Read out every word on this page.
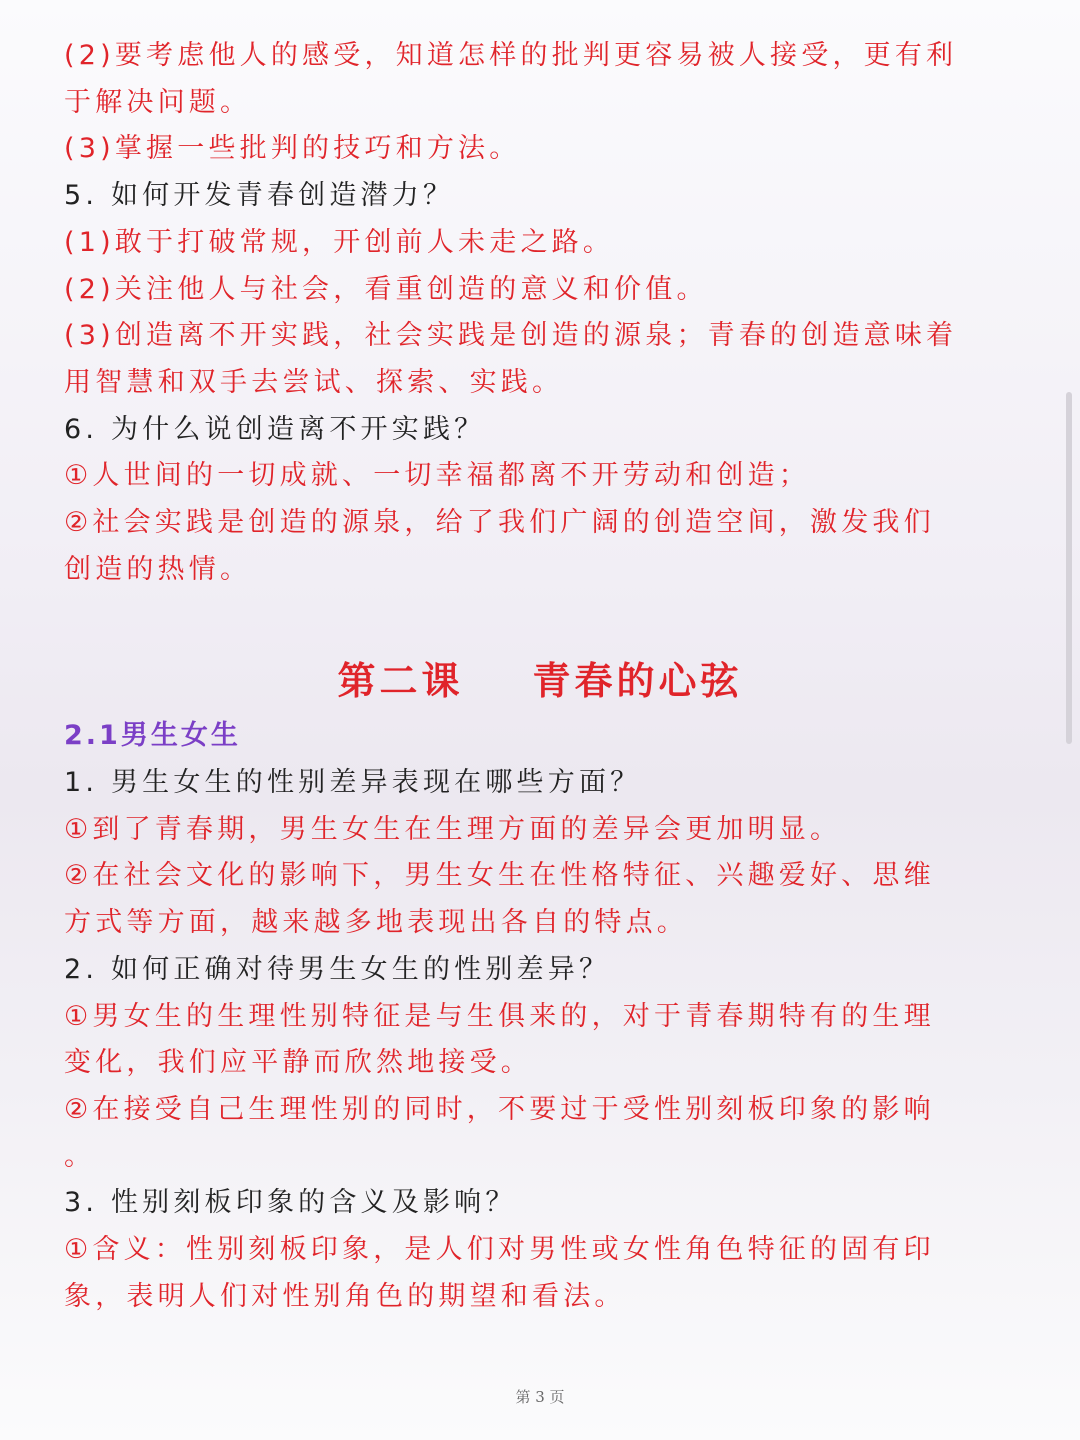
(2)要考虑他人的感受，知道怎样的批判更容易被人接受，更有利
于解决问题。
(3)掌握一些批判的技巧和方法。
5. 如何开发青春创造潜力？
(1)敢于打破常规，开创前人未走之路。
(2)关注他人与社会，看重创造的意义和价值。
(3)创造离不开实践，社会实践是创造的源泉；青春的创造意味着
用智慧和双手去尝试、探索、实践。
6. 为什么说创造离不开实践？
①人世间的一切成就、一切幸福都离不开劳动和创造；
②社会实践是创造的源泉，给了我们广阔的创造空间，激发我们
创造的热情。
第二课    青春的心弦
2.1男生女生
1. 男生女生的性别差异表现在哪些方面？
①到了青春期，男生女生在生理方面的差异会更加明显。
②在社会文化的影响下，男生女生在性格特征、兴趣爱好、思维
方式等方面，越来越多地表现出各自的特点。
2. 如何正确对待男生女生的性别差异？
①男女生的生理性别特征是与生俱来的，对于青春期特有的生理
变化，我们应平静而欣然地接受。
②在接受自己生理性别的同时，不要过于受性别刻板印象的影响
。
3. 性别刻板印象的含义及影响？
①含义：性别刻板印象，是人们对男性或女性角色特征的固有印
象，表明人们对性别角色的期望和看法。
第 3 页
